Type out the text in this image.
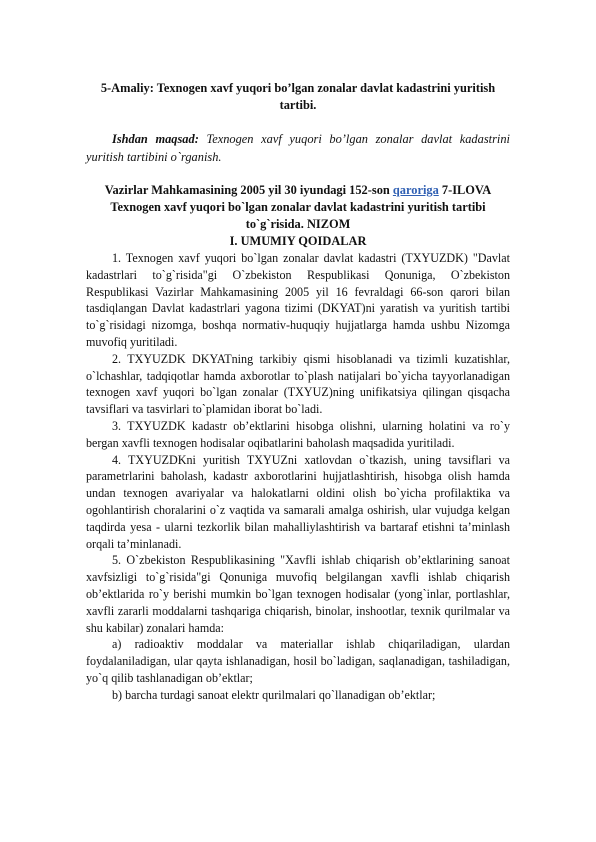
5-Amaliy: Texnogen xavf yuqori bo’lgan zonalar davlat kadastrini yuritish tartibi.

Ishdan maqsad: Texnogen xavf yuqori bo’lgan zonalar davlat kadastrini yuritish tartibini o`rganish.
Vazirlar Mahkamasining 2005 yil 30 iyundagi 152-son qaroriga 7-ILOVA
Texnogen xavf yuqori bo`lgan zonalar davlat kadastrini yuritish tartibi to`g`risida. NIZOM
I. UMUMIY QOIDALAR

1. Texnogen xavf yuqori bo`lgan zonalar davlat kadastri (TXYUZDK) "Davlat kadastrlari to`g`risida"gi O`zbekiston Respublikasi Qonuniga, O`zbekiston Respublikasi Vazirlar Mahkamasining 2005 yil 16 fevraldagi 66-son qarori bilan tasdiqlangan Davlat kadastrlari yagona tizimi (DKYAT)ni yaratish va yuritish tartibi to`g`risidagi nizomga, boshqa normativ-huquqiy hujjatlarga hamda ushbu Nizomga muvofiq yuritiladi.

2. TXYUZDK DKYATning tarkibiy qismi hisoblanadi va tizimli kuzatishlar, o`lchashlar, tadqiqotlar hamda axborotlar to`plash natijalari bo`yicha tayyorlanadigan texnogen xavf yuqori bo`lgan zonalar (TXYUZ)ning unifikatsiya qilingan qisqacha tavsiflari va tasvirlari to`plamidan iborat bo`ladi.

3. TXYUZDK kadastr ob’ektlarini hisobga olishni, ularning holatini va ro`y bergan xavfli texnogen hodisalar oqibatlarini baholash maqsadida yuritiladi.

4. TXYUZDKni yuritish TXYUZni xatlovdan o`tkazish, uning tavsiflari va parametrlarini baholash, kadastr axborotlarini hujjatlashtirish, hisobga olish hamda undan texnogen avariyalar va halokatlarni oldini olish bo`yicha profilaktika va ogohlantirish choralarini o`z vaqtida va samarali amalga oshirish, ular vujudga kelgan taqdirda yesa - ularni tezkorlik bilan mahalliylashtirish va bartaraf etishni ta’minlash orqali ta’minlanadi.

5. O`zbekiston Respublikasining "Xavfli ishlab chiqarish ob’ektlarining sanoat xavfsizligi to`g`risida"gi Qonuniga muvofiq belgilangan xavfli ishlab chiqarish ob’ektlarida ro`y berishi mumkin bo`lgan texnogen hodisalar (yong`inlar, portlashlar, xavfli zararli moddalarni tashqariga chiqarish, binolar, inshootlar, texnik qurilmalar va shu kabilar) zonalari hamda:

a) radioaktiv moddalar va materiallar ishlab chiqariladigan, ulardan foydalaniladigan, ular qayta ishlanadigan, hosil bo`ladigan, saqlanadigan, tashiladigan, yo`q qilib tashlanadigan ob’ektlar;

b) barcha turdagi sanoat elektr qurilmalari qo`llanadigan ob’ektlar;
